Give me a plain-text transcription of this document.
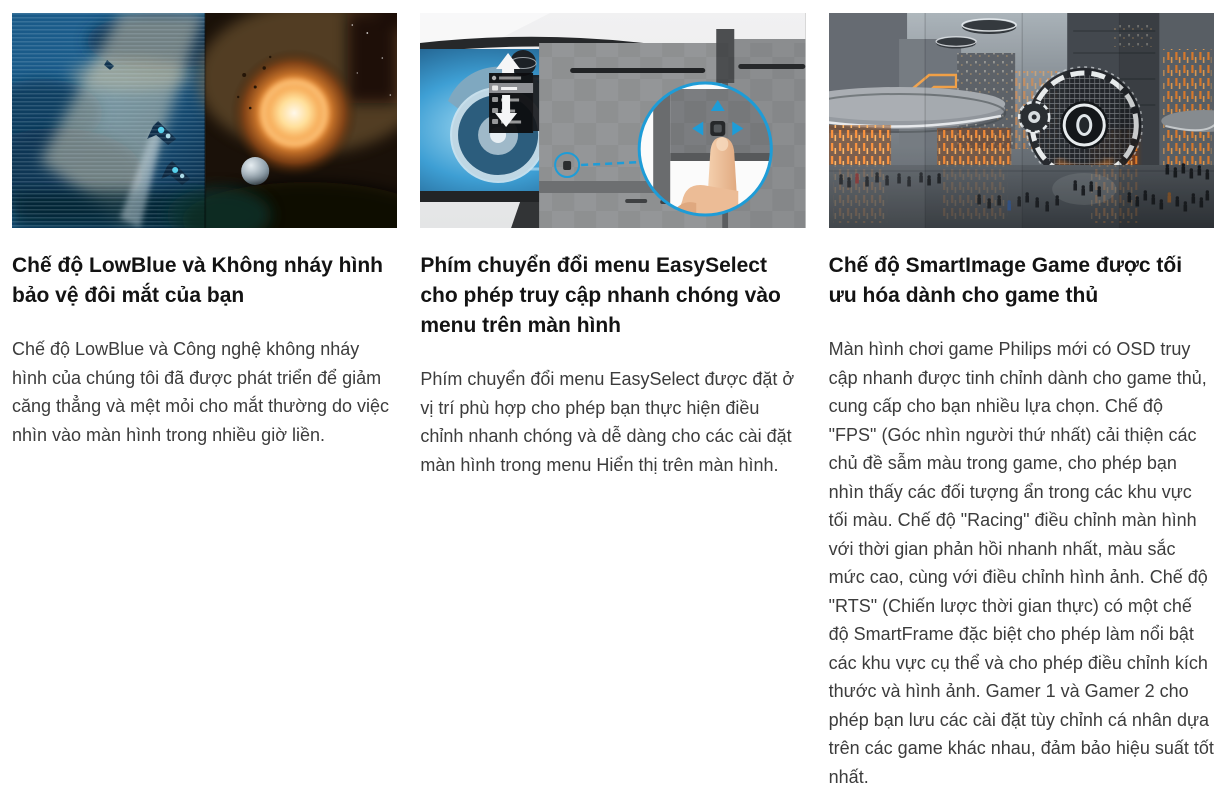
Chế độ LowBlue và Không nháy hình bảo vệ đôi mắt của bạn

Chế độ LowBlue và Công nghệ không nháy hình của chúng tôi đã được phát triển để giảm căng thẳng và mệt mỏi cho mắt thường do việc nhìn vào màn hình trong nhiều giờ liền.

Phím chuyển đổi menu EasySelect cho phép truy cập nhanh chóng vào menu trên màn hình

Phím chuyển đổi menu EasySelect được đặt ở vị trí phù hợp cho phép bạn thực hiện điều chỉnh nhanh chóng và dễ dàng cho các cài đặt màn hình trong menu Hiển thị trên màn hình.

Chế độ SmartImage Game được tối ưu hóa dành cho game thủ

Màn hình chơi game Philips mới có OSD truy cập nhanh được tinh chỉnh dành cho game thủ, cung cấp cho bạn nhiều lựa chọn. Chế độ "FPS" (Góc nhìn người thứ nhất) cải thiện các chủ đề sẫm màu trong game, cho phép bạn nhìn thấy các đối tượng ẩn trong các khu vực tối màu. Chế độ "Racing" điều chỉnh màn hình với thời gian phản hồi nhanh nhất, màu sắc mức cao, cùng với điều chỉnh hình ảnh. Chế độ "RTS" (Chiến lược thời gian thực) có một chế độ SmartFrame đặc biệt cho phép làm nổi bật các khu vực cụ thể và cho phép điều chỉnh kích thước và hình ảnh. Gamer 1 và Gamer 2 cho phép bạn lưu các cài đặt tùy chỉnh cá nhân dựa trên các game khác nhau, đảm bảo hiệu suất tốt nhất.
